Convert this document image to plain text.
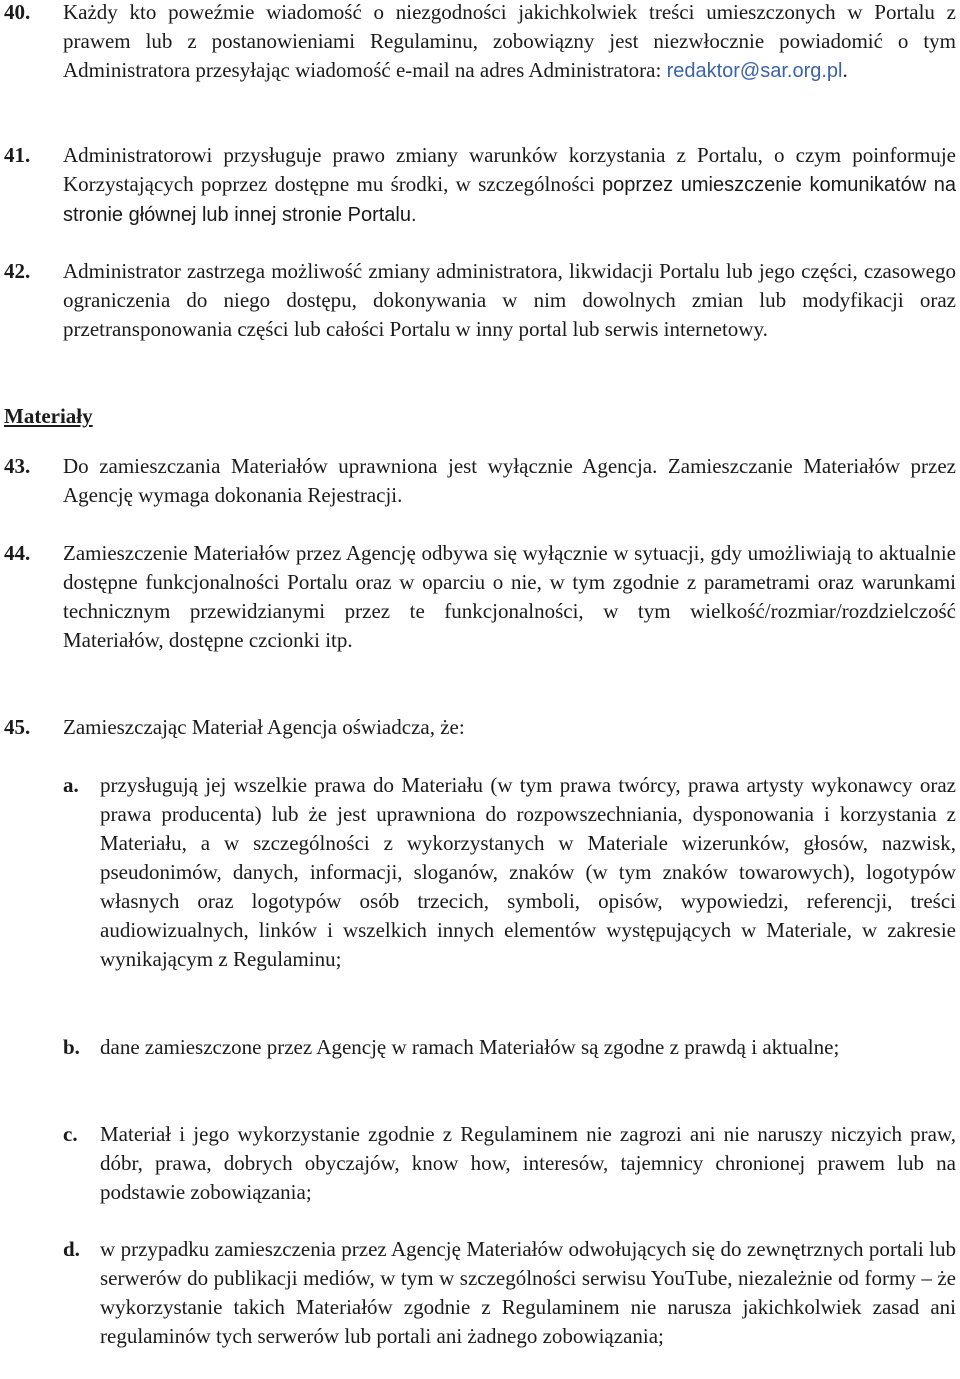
40. Każdy kto poweźmie wiadomość o niezgodności jakichkolwiek treści umieszczonych w Portalu z prawem lub z postanowieniami Regulaminu, zobowiązny jest niezwłocznie powiadomić o tym Administratora przesyłając wiadomość e-mail na adres Administratora: redaktor@sar.org.pl.
41. Administratorowi przysługuje prawo zmiany warunków korzystania z Portalu, o czym poinformuje Korzystających poprzez dostępne mu środki, w szczególności poprzez umieszczenie komunikatów na stronie głównej lub innej stronie Portalu.
42. Administrator zastrzega możliwość zmiany administratora, likwidacji Portalu lub jego części, czasowego ograniczenia do niego dostępu, dokonywania w nim dowolnych zmian lub modyfikacji oraz przetransponowania części lub całości Portalu w inny portal lub serwis internetowy.
Materiały
43. Do zamieszczania Materiałów uprawniona jest wyłącznie Agencja. Zamieszczanie Materiałów przez Agencję wymaga dokonania Rejestracji.
44. Zamieszczenie Materiałów przez Agencję odbywa się wyłącznie w sytuacji, gdy umożliwiają to aktualnie dostępne funkcjonalności Portalu oraz w oparciu o nie, w tym zgodnie z parametrami oraz warunkami technicznym przewidzianymi przez te funkcjonalności, w tym wielkość/rozmiar/rozdzielczość Materiałów, dostępne czcionki itp.
45. Zamieszczając Materiał Agencja oświadcza, że:
a. przysługują jej wszelkie prawa do Materiału (w tym prawa twórcy, prawa artysty wykonawcy oraz prawa producenta) lub że jest uprawniona do rozpowszechniania, dysponowania i korzystania z Materiału, a w szczególności z wykorzystanych w Materiale wizerunków, głosów, nazwisk, pseudonimów, danych, informacji, sloganów, znaków (w tym znaków towarowych), logotypów własnych oraz logotypów osób trzecich, symboli, opisów, wypowiedzi, referencji, treści audiowizualnych, linków i wszelkich innych elementów występujących w Materiale, w zakresie wynikającym z Regulaminu;
b. dane zamieszczone przez Agencję w ramach Materiałów są zgodne z prawdą i aktualne;
c. Materiał i jego wykorzystanie zgodnie z Regulaminem nie zagrozi ani nie naruszy niczyich praw, dóbr, prawa, dobrych obyczajów, know how, interesów, tajemnicy chronionej prawem lub na podstawie zobowiązania;
d. w przypadku zamieszczenia przez Agencję Materiałów odwołujących się do zewnętrznych portali lub serwerów do publikacji mediów, w tym w szczególności serwisu YouTube, niezależnie od formy – że wykorzystanie takich Materiałów zgodnie z Regulaminem nie narusza jakichkolwiek zasad ani regulaminów tych serwerów lub portali ani żadnego zobowiązania;
